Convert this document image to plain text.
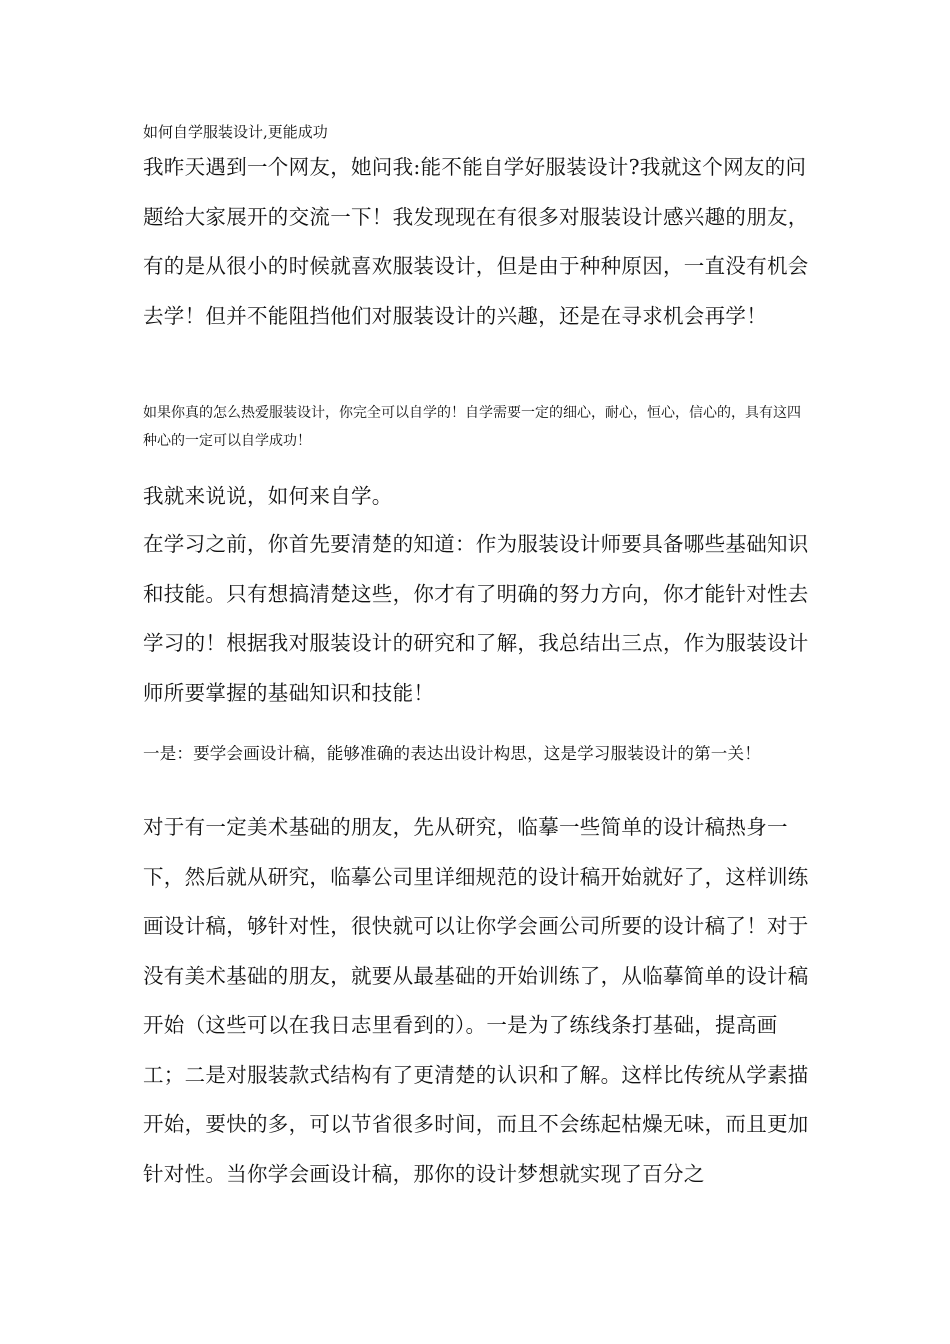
如何自学服装设计,更能成功

我昨天遇到一个网友，她问我:能不能自学好服装设计?我就这个网友的问题给大家展开的交流一下！我发现现在有很多对服装设计感兴趣的朋友，有的是从很小的时候就喜欢服装设计，但是由于种种原因，一直没有机会去学！但并不能阻挡他们对服装设计的兴趣，还是在寻求机会再学！

如果你真的怎么热爱服装设计，你完全可以自学的！自学需要一定的细心，耐心，恒心，信心的，具有这四种心的一定可以自学成功！

我就来说说，如何来自学。

在学习之前，你首先要清楚的知道：作为服装设计师要具备哪些基础知识和技能。只有想搞清楚这些，你才有了明确的努力方向，你才能针对性去学习的！根据我对服装设计的研究和了解，我总结出三点，作为服装设计师所要掌握的基础知识和技能！

一是：要学会画设计稿，能够准确的表达出设计构思，这是学习服装设计的第一关！

对于有一定美术基础的朋友，先从研究，临摹一些简单的设计稿热身一下，然后就从研究，临摹公司里详细规范的设计稿开始就好了，这样训练画设计稿，够针对性，很快就可以让你学会画公司所要的设计稿了！对于没有美术基础的朋友，就要从最基础的开始训练了，从临摹简单的设计稿开始（这些可以在我日志里看到的）。一是为了练线条打基础，提高画工；二是对服装款式结构有了更清楚的认识和了解。这样比传统从学素描开始，要快的多，可以节省很多时间，而且不会练起枯燥无味，而且更加针对性。当你学会画设计稿，那你的设计梦想就实现了百分之
